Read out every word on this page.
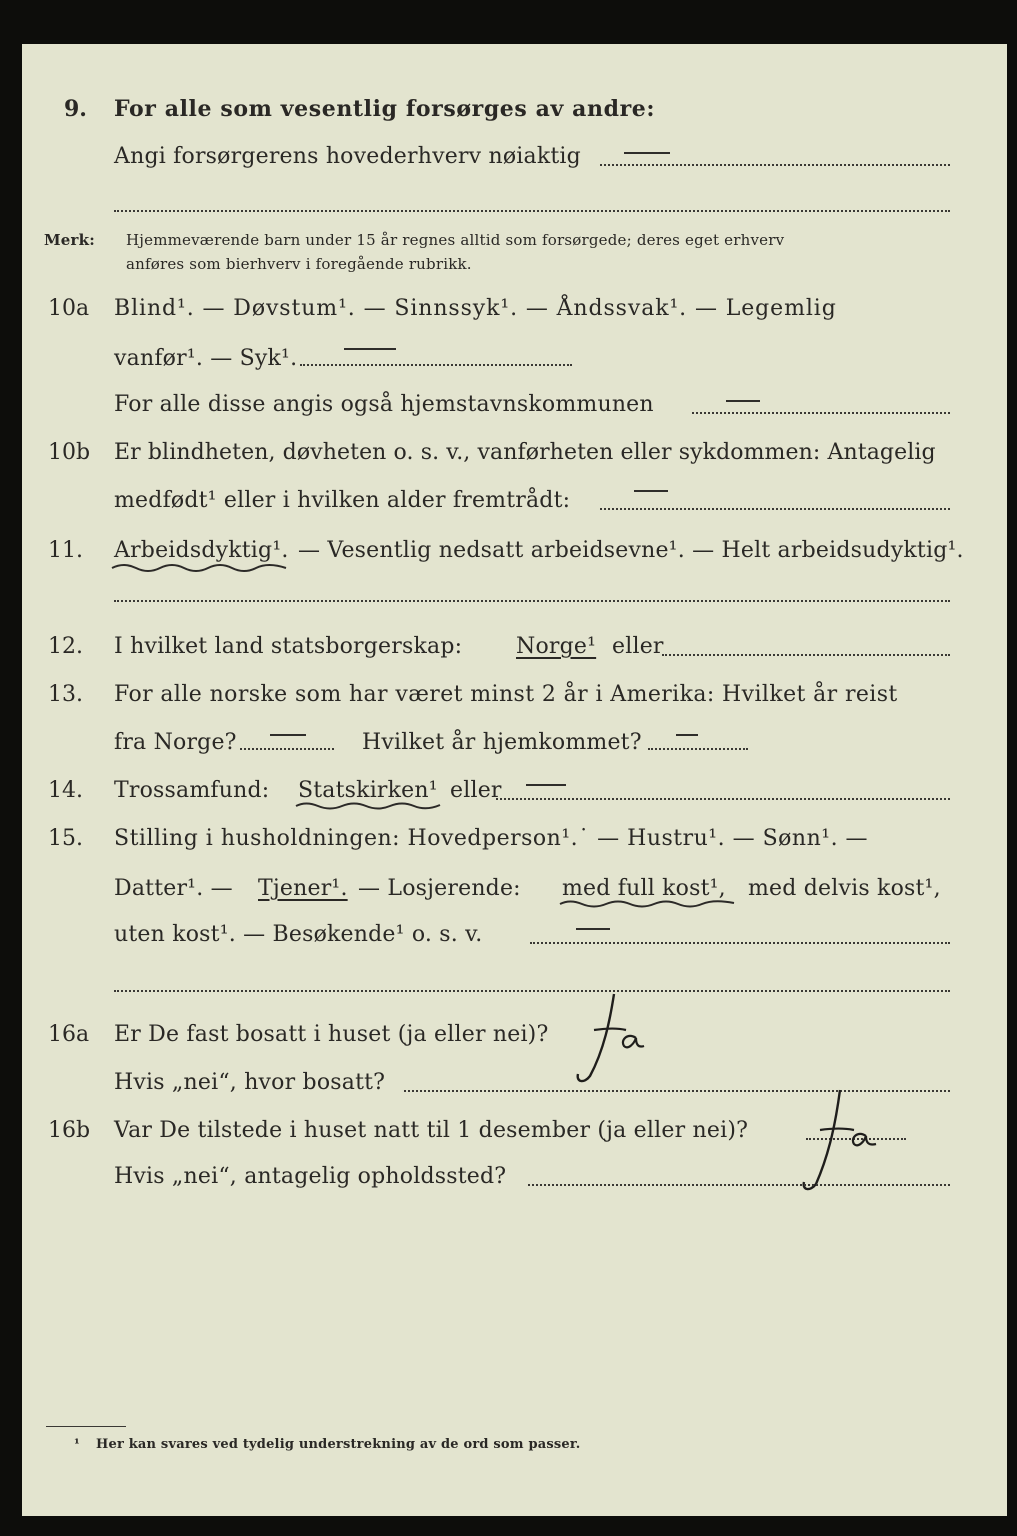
9. For alle som vesentlig forsørges av andre:
Angi forsørgerens hovederhverv nøiaktig
Merk: Hjemmeværende barn under 15 år regnes alltid som forsørgede; deres eget erhverv
anføres som bierhverv i foregående rubrikk.
10a Blind¹. — Døvstum¹. — Sinnssyk¹. — Åndssvak¹. — Legemlig
vanfør¹. — Syk¹.
For alle disse angis også hjemstavnskommunen
10b Er blindheten, døvheten o. s. v., vanførheten eller sykdommen: Antagelig
medfødt¹ eller i hvilken alder fremtrådt:
11. Arbeidsdyktig¹. — Vesentlig nedsatt arbeidsevne¹. — Helt arbeidsudyktig¹.
12. I hvilket land statsborgerskap: Norge¹ eller
13. For alle norske som har været minst 2 år i Amerika: Hvilket år reist
fra Norge?	Hvilket år hjemkommet?
14. Trossamfund: Statskirken¹ eller
15. Stilling i husholdningen: Hovedperson¹.˙ — Hustru¹. — Sønn¹. —
Datter¹. — Tjener¹. — Losjerende: med full kost¹, med delvis kost¹,
uten kost¹. — Besøkende¹ o. s. v.
16a Er De fast bosatt i huset (ja eller nei)?
Hvis „nei“, hvor bosatt?
16b Var De tilstede i huset natt til 1 desember (ja eller nei)?
Hvis „nei“, antagelig opholdssted?
¹ Her kan svares ved tydelig understrekning av de ord som passer.
